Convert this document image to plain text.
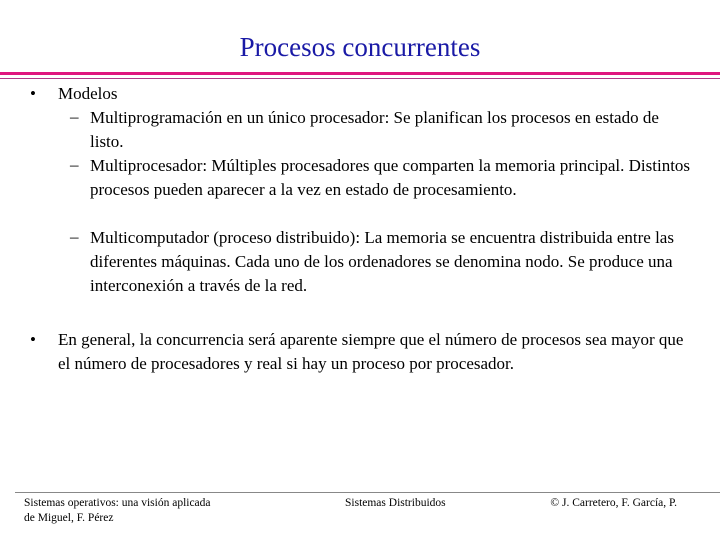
Procesos concurrentes
• Modelos
– Multiprogramación en un único procesador: Se planifican los procesos en estado de listo.
– Multiprocesador: Múltiples procesadores que comparten la memoria principal. Distintos procesos pueden aparecer a la vez en estado de procesamiento.
– Multicomputador (proceso distribuido): La memoria se encuentra distribuida entre las diferentes máquinas. Cada uno de los ordenadores se denomina nodo. Se produce una interconexión a través de la red.
• En general, la concurrencia será aparente siempre que el número de procesos sea mayor que el número de procesadores y real si hay un proceso por procesador.
Sistemas operativos: una visión aplicada
de Miguel, F. Pérez
Sistemas Distribuidos	© J. Carretero, F. García, P.
